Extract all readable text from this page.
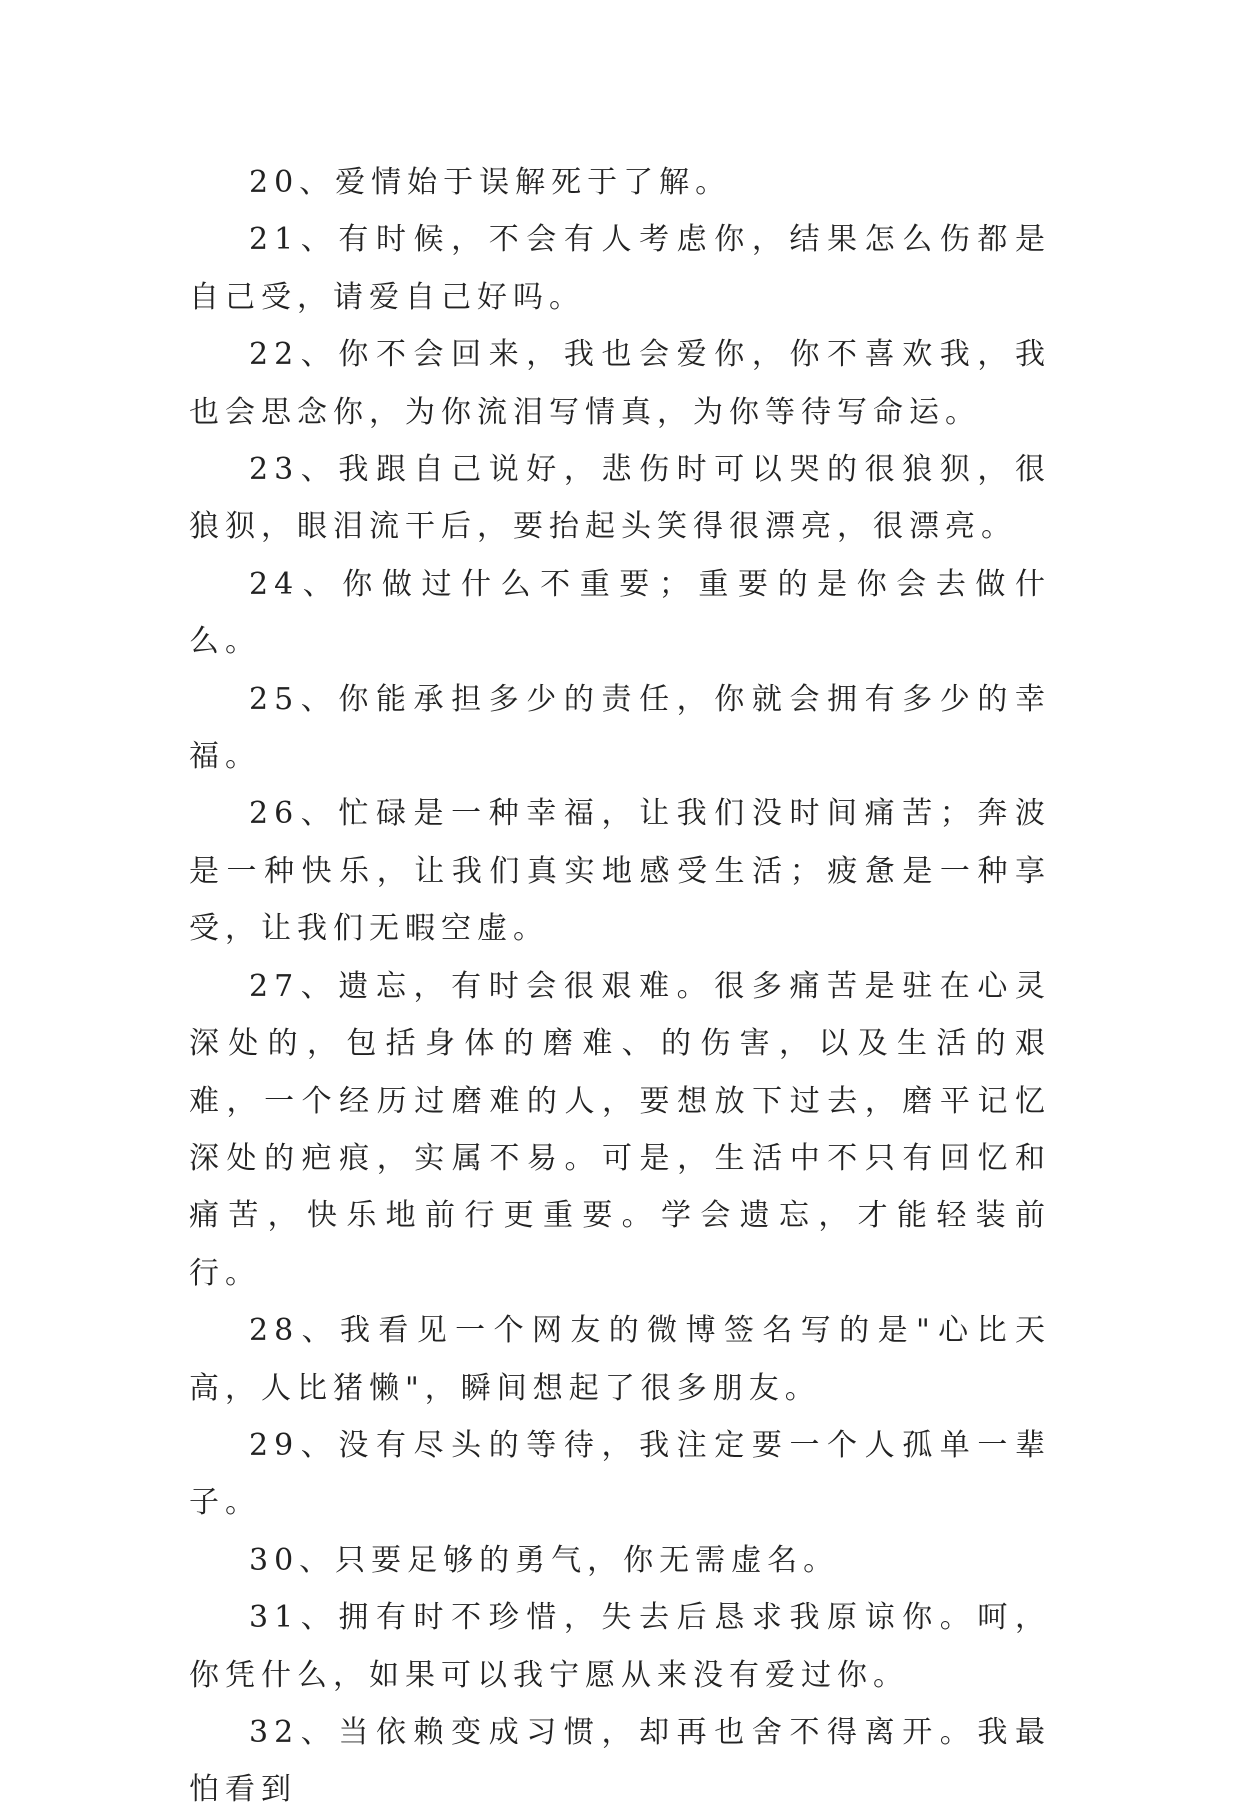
20、爱情始于误解死于了解。

21、有时候，不会有人考虑你，结果怎么伤都是自己受，请爱自己好吗。

22、你不会回来，我也会爱你，你不喜欢我，我也会思念你，为你流泪写情真，为你等待写命运。

23、我跟自己说好，悲伤时可以哭的很狼狈，很狼狈，眼泪流干后，要抬起头笑得很漂亮，很漂亮。

24、你做过什么不重要；重要的是你会去做什么。

25、你能承担多少的责任，你就会拥有多少的幸福。

26、忙碌是一种幸福，让我们没时间痛苦；奔波是一种快乐，让我们真实地感受生活；疲惫是一种享受，让我们无暇空虚。

27、遗忘，有时会很艰难。很多痛苦是驻在心灵深处的，包括身体的磨难、的伤害，以及生活的艰难，一个经历过磨难的人，要想放下过去，磨平记忆深处的疤痕，实属不易。可是，生活中不只有回忆和痛苦，快乐地前行更重要。学会遗忘，才能轻装前行。

28、我看见一个网友的微博签名写的是"心比天高，人比猪懒"，瞬间想起了很多朋友。

29、没有尽头的等待，我注定要一个人孤单一辈子。

30、只要足够的勇气，你无需虚名。

31、拥有时不珍惜，失去后恳求我原谅你。呵，你凭什么，如果可以我宁愿从来没有爱过你。

32、当依赖变成习惯，却再也舍不得离开。我最怕看到
